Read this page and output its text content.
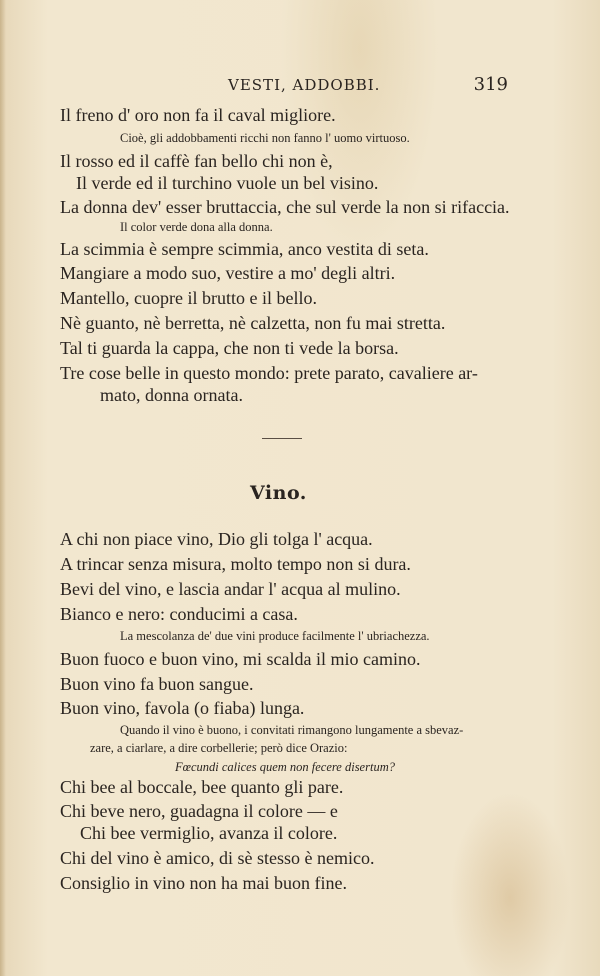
VESTI, ADDOBBI.	319
Il freno d' oro non fa il caval migliore.
Cioè, gli addobbamenti ricchi non fanno l' uomo virtuoso.
Il rosso ed il caffè fan bello chi non è,
Il verde ed il turchino vuole un bel visino.
La donna dev' esser bruttaccia, che sul verde la non si rifaccia.
Il color verde dona alla donna.
La scimmia è sempre scimmia, anco vestita di seta.
Mangiare a modo suo, vestire a mo' degli altri.
Mantello, cuopre il brutto e il bello.
Nè guanto, nè berretta, nè calzetta, non fu mai stretta.
Tal ti guarda la cappa, che non ti vede la borsa.
Tre cose belle in questo mondo: prete parato, cavaliere ar-
mato, donna ornata.
Vino.
A chi non piace vino, Dio gli tolga l' acqua.
A trincar senza misura, molto tempo non si dura.
Bevi del vino, e lascia andar l' acqua al mulino.
Bianco e nero: conducimi a casa.
La mescolanza de' due vini produce facilmente l' ubriachezza.
Buon fuoco e buon vino, mi scalda il mio camino.
Buon vino fa buon sangue.
Buon vino, favola (o fiaba) lunga.
Quando il vino è buono, i convitati rimangono lungamente a sbevaz-
zare, a ciarlare, a dire corbellerie; però dice Orazio:
Fœcundi calices quem non fecere disertum?
Chi bee al boccale, bee quanto gli pare.
Chi beve nero, guadagna il colore — e
Chi bee vermiglio, avanza il colore.
Chi del vino è amico, di sè stesso è nemico.
Consiglio in vino non ha mai buon fine.
